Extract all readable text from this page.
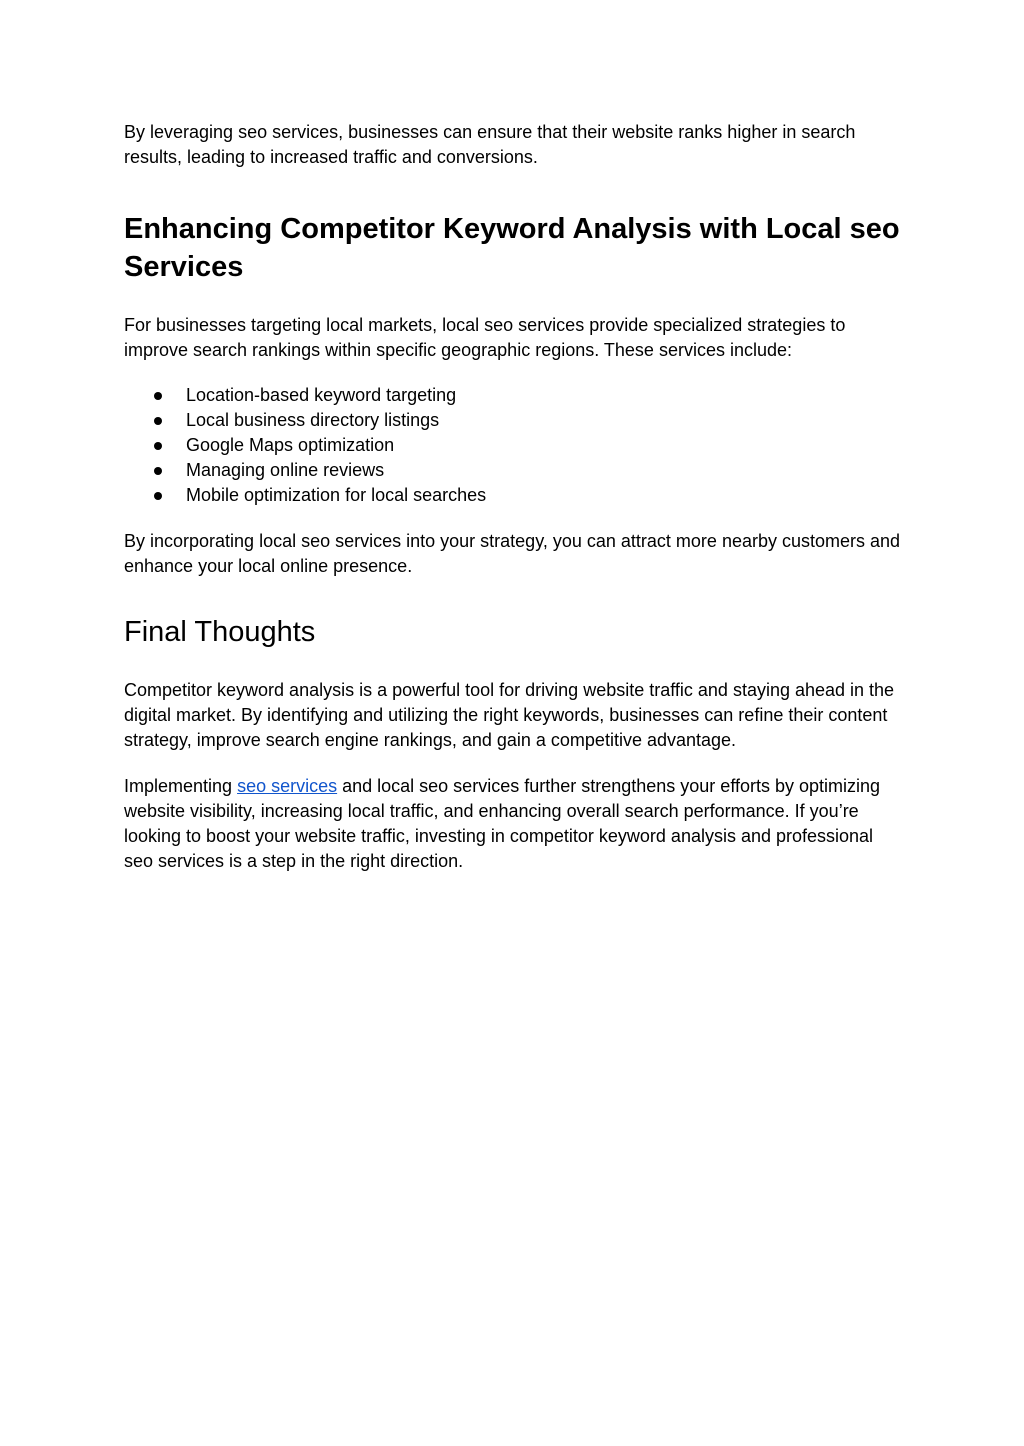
By leveraging seo services, businesses can ensure that their website ranks higher in search results, leading to increased traffic and conversions.

Enhancing Competitor Keyword Analysis with Local seo Services

For businesses targeting local markets, local seo services provide specialized strategies to improve search rankings within specific geographic regions. These services include:

Location-based keyword targeting
Local business directory listings
Google Maps optimization
Managing online reviews
Mobile optimization for local searches

By incorporating local seo services into your strategy, you can attract more nearby customers and enhance your local online presence.

Final Thoughts

Competitor keyword analysis is a powerful tool for driving website traffic and staying ahead in the digital market. By identifying and utilizing the right keywords, businesses can refine their content strategy, improve search engine rankings, and gain a competitive advantage.

Implementing seo services and local seo services further strengthens your efforts by optimizing website visibility, increasing local traffic, and enhancing overall search performance. If you’re looking to boost your website traffic, investing in competitor keyword analysis and professional seo services is a step in the right direction.
